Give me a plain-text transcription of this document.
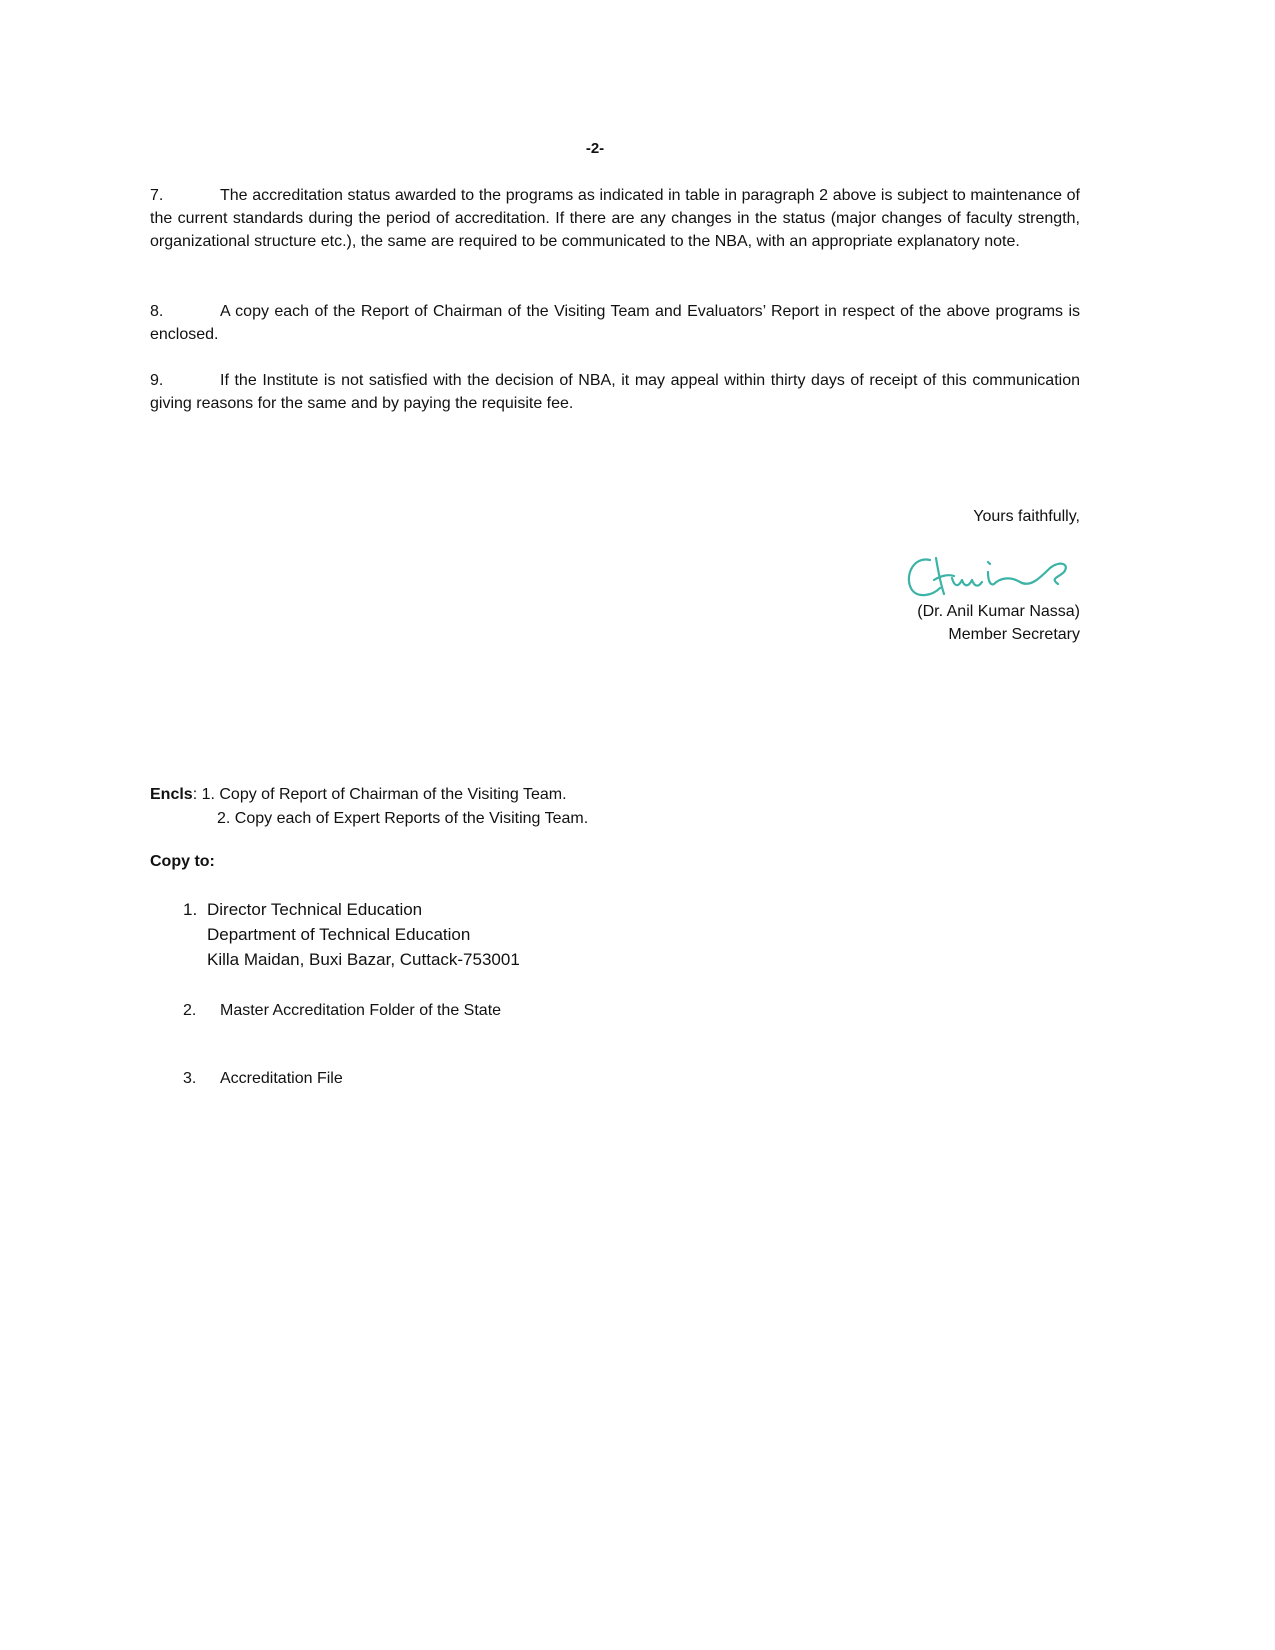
-2-
7.	The accreditation status awarded to the programs as indicated in table in paragraph 2 above is subject to maintenance of the current standards during the period of accreditation. If there are any changes in the status (major changes of faculty strength, organizational structure etc.), the same are required to be communicated to the NBA, with an appropriate explanatory note.
8.	A copy each of the Report of Chairman of the Visiting Team and Evaluators’ Report in respect of the above programs is enclosed.
9.	If the Institute is not satisfied with the decision of NBA, it may appeal within thirty days of receipt of this communication giving reasons for the same and by paying the requisite fee.
Yours faithfully,
(Dr. Anil Kumar Nassa)
Member Secretary
Encls: 1. Copy of Report of Chairman of the Visiting Team.
2. Copy each of Expert Reports of the Visiting Team.
Copy to:
1. Director Technical Education
Department of Technical Education
Killa Maidan, Buxi Bazar, Cuttack-753001
2. Master Accreditation Folder of the State
3. Accreditation File
